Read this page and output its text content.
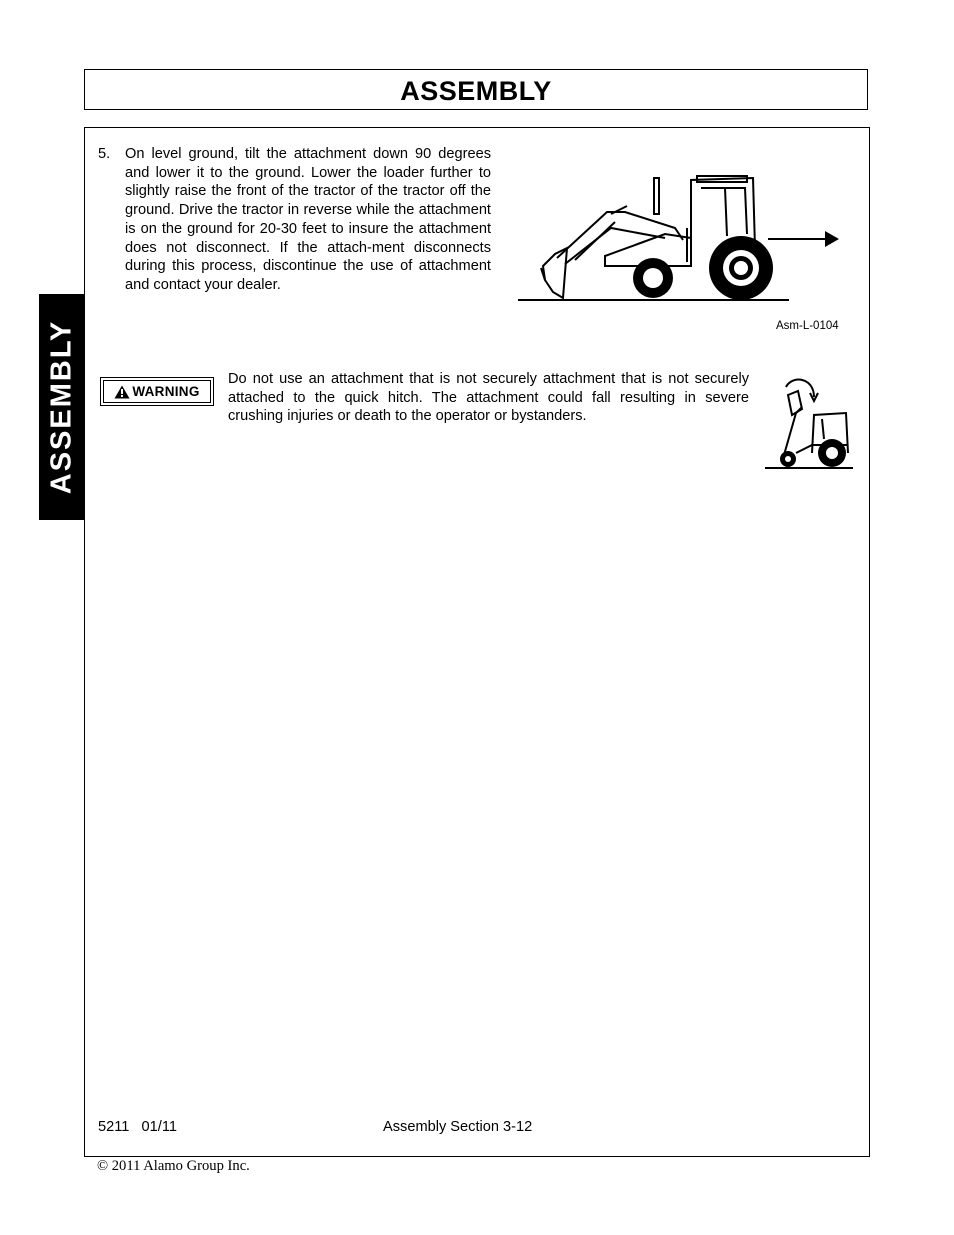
ASSEMBLY
ASSEMBLY
5. On level ground, tilt the attachment down 90 degrees and lower it to the ground. Lower the loader further to slightly raise the front of the tractor of the tractor off the ground. Drive the tractor in reverse while the attachment is on the ground for 20-30 feet to insure the attachment does not disconnect. If the attach-ment disconnects during this process, discontinue the use of attachment and contact your dealer.
Asm-L-0104
WARNING
Do not use an attachment that is not securely attachment that is not securely attached to the quick hitch. The attachment could fall resulting in severe crushing injuries or death to the operator or bystanders.
5211   01/11	Assembly Section 3-12
© 2011 Alamo Group Inc.
